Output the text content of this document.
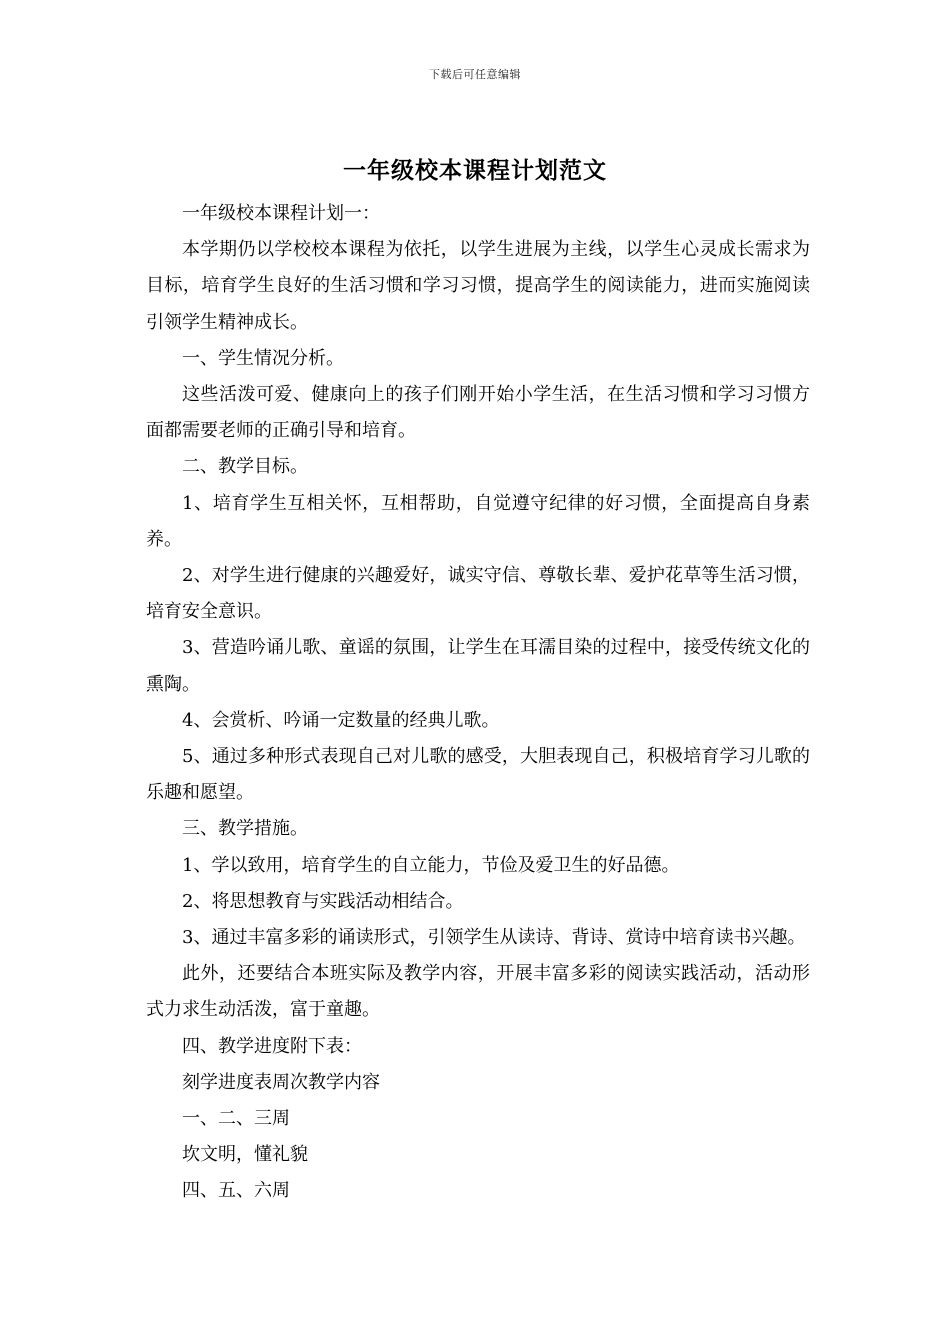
下载后可任意编辑
一年级校本课程计划范文

一年级校本课程计划一：

本学期仍以学校校本课程为依托，以学生进展为主线，以学生心灵成长需求为目标，培育学生良好的生活习惯和学习习惯，提高学生的阅读能力，进而实施阅读引领学生精神成长。

一、学生情况分析。

这些活泼可爱、健康向上的孩子们刚开始小学生活，在生活习惯和学习习惯方面都需要老师的正确引导和培育。

二、教学目标。

1、培育学生互相关怀，互相帮助，自觉遵守纪律的好习惯，全面提高自身素养。

2、对学生进行健康的兴趣爱好，诚实守信、尊敬长辈、爱护花草等生活习惯，培育安全意识。

3、营造吟诵儿歌、童谣的氛围，让学生在耳濡目染的过程中，接受传统文化的熏陶。

4、会赏析、吟诵一定数量的经典儿歌。

5、通过多种形式表现自己对儿歌的感受，大胆表现自己，积极培育学习儿歌的乐趣和愿望。

三、教学措施。

1、学以致用，培育学生的自立能力，节俭及爱卫生的好品德。

2、将思想教育与实践活动相结合。

3、通过丰富多彩的诵读形式，引领学生从读诗、背诗、赏诗中培育读书兴趣。

此外，还要结合本班实际及教学内容，开展丰富多彩的阅读实践活动，活动形式力求生动活泼，富于童趣。

四、教学进度附下表：

刻学进度表周次教学内容

一、二、三周

坎文明，懂礼貌

四、五、六周
